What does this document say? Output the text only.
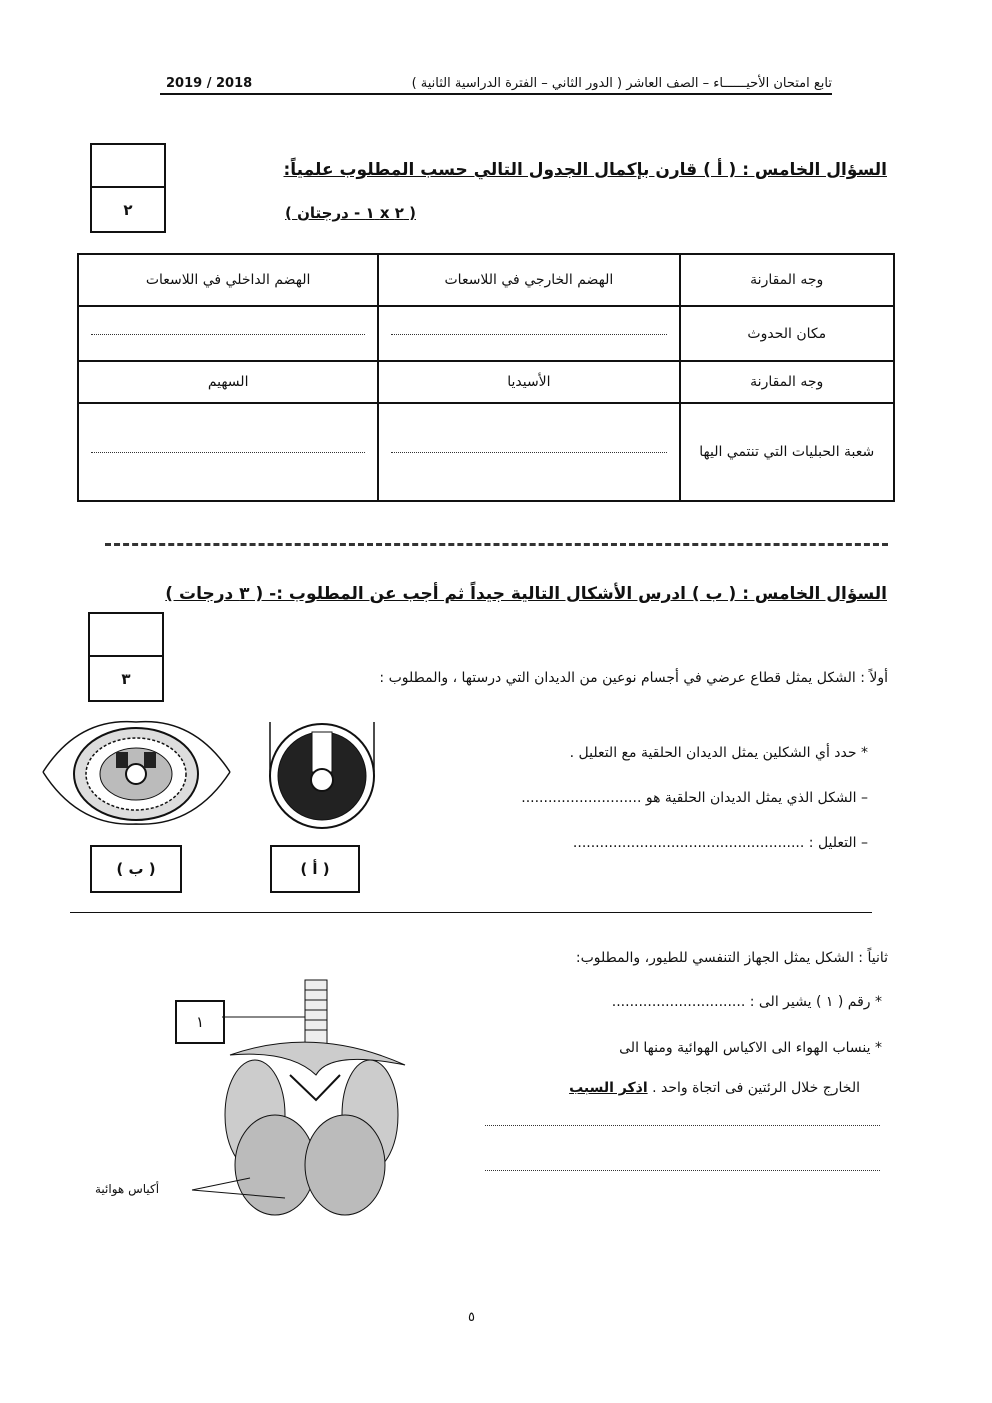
تابع امتحان الأحيــــــاء – الصف العاشر ( الدور الثاني – الفترة الدراسية الثانية )
2019 / 2018
٢
السؤال الخامس : ( أ ) قارن بإكمال الجدول التالي حسب المطلوب علمياً:
( ٢ x ١ - درجتان )
وجه المقارنة	الهضم الخارجي في اللاسعات	الهضم الداخلي في اللاسعات
مكان الحدوث	

وجه المقارنة	الأسيديا	السهيم
شعبة الحبليات التي تنتمي اليها	

السؤال الخامس : ( ب ) ادرس الأشكال التالية جيداً ثم أجب عن المطلوب :- ( ٣ درجات )
٣	أولاً : الشكل يمثل قطاع عرضي في أجسام نوعين من الديدان التي درستها ، والمطلوب :
* حدد أي الشكلين يمثل الديدان الحلقية مع التعليل .
– الشكل الذي يمثل الديدان الحلقية هو ...........................
– التعليل : ....................................................
( ب )	( أ )
ثانياً : الشكل يمثل الجهاز التنفسي للطيور، والمطلوب:
* رقم ( ١ ) يشير الى : ..............................
* ينساب الهواء الى الاكياس الهوائية ومنها الى
الخارج خلال الرئتين فى اتجاة واحد . اذكر السبب
١
أكياس هوائية
٥
